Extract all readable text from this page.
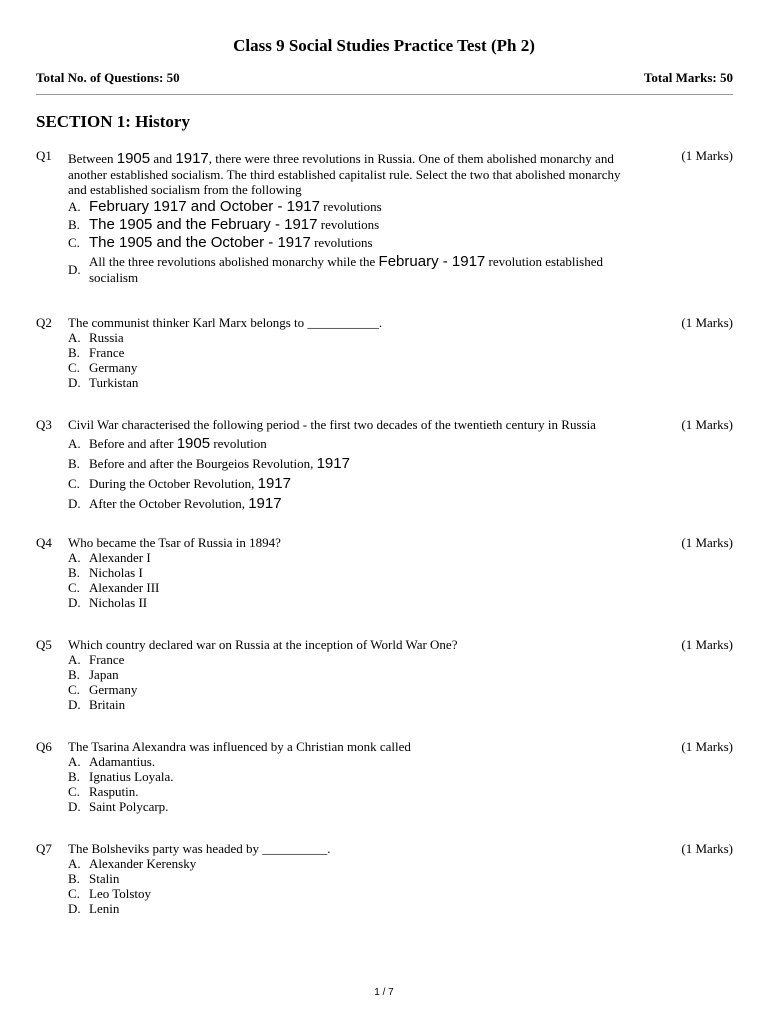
Class 9 Social Studies Practice Test (Ph 2)
Total No. of Questions: 50	Total Marks: 50
SECTION 1: History
Q1	(1 Marks)
Between 1905 and 1917, there were three revolutions in Russia. One of them abolished monarchy and another established socialism. The third established capitalist rule. Select the two that abolished monarchy and established socialism from the following
A. February 1917 and October - 1917 revolutions
B. The 1905 and the February - 1917 revolutions
C. The 1905 and the October - 1917 revolutions
D. All the three revolutions abolished monarchy while the February - 1917 revolution established socialism
Q2	(1 Marks)
The communist thinker Karl Marx belongs to ___________.
A. Russia
B. France
C. Germany
D. Turkistan
Q3	(1 Marks)
Civil War characterised the following period - the first two decades of the twentieth century in Russia
A. Before and after 1905 revolution
B. Before and after the Bourgeios Revolution, 1917
C. During the October Revolution, 1917
D. After the October Revolution, 1917
Q4	(1 Marks)
Who became the Tsar of Russia in 1894?
A. Alexander I
B. Nicholas I
C. Alexander III
D. Nicholas II
Q5	(1 Marks)
Which country declared war on Russia at the inception of World War One?
A. France
B. Japan
C. Germany
D. Britain
Q6	(1 Marks)
The Tsarina Alexandra was influenced by a Christian monk called
A. Adamantius.
B. Ignatius Loyala.
C. Rasputin.
D. Saint Polycarp.
Q7	(1 Marks)
The Bolsheviks party was headed by __________.
A. Alexander Kerensky
B. Stalin
C. Leo Tolstoy
D. Lenin
1 / 7
